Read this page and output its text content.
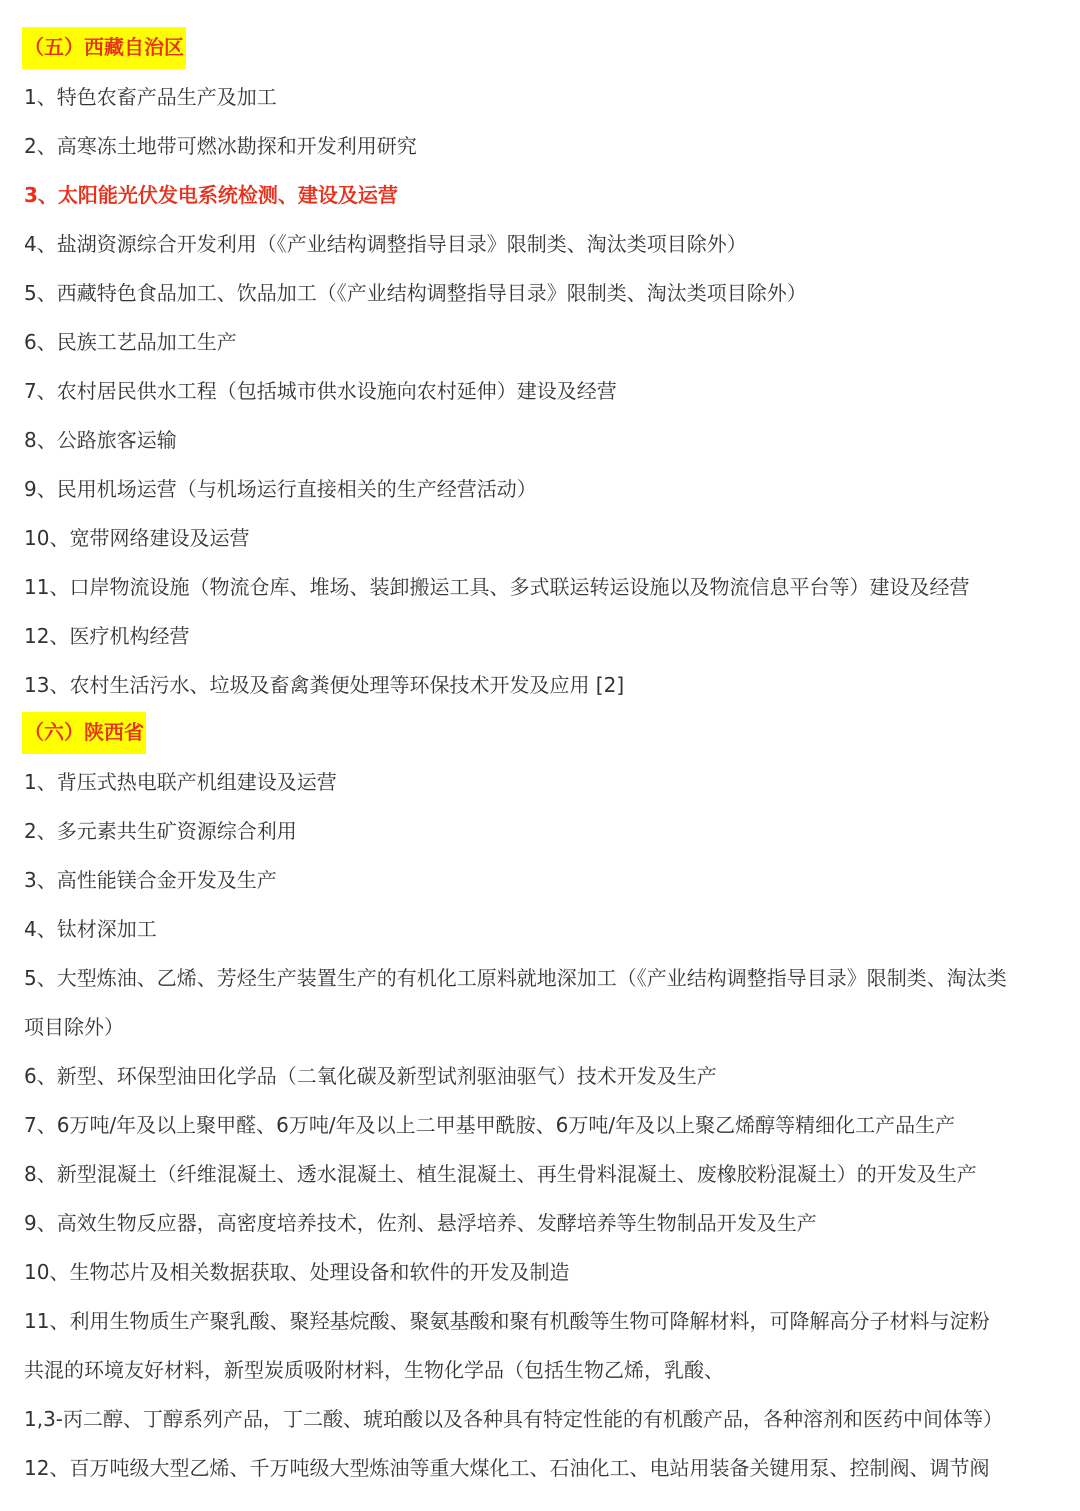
（五）西藏自治区
1、特色农畜产品生产及加工
2、高寒冻土地带可燃冰勘探和开发利用研究
3、太阳能光伏发电系统检测、建设及运营
4、盐湖资源综合开发利用（《产业结构调整指导目录》限制类、淘汰类项目除外）
5、西藏特色食品加工、饮品加工（《产业结构调整指导目录》限制类、淘汰类项目除外）
6、民族工艺品加工生产
7、农村居民供水工程（包括城市供水设施向农村延伸）建设及经营
8、公路旅客运输
9、民用机场运营（与机场运行直接相关的生产经营活动）
10、宽带网络建设及运营
11、口岸物流设施（物流仓库、堆场、装卸搬运工具、多式联运转运设施以及物流信息平台等）建设及经营
12、医疗机构经营
13、农村生活污水、垃圾及畜禽粪便处理等环保技术开发及应用 [2]
（六）陕西省
1、背压式热电联产机组建设及运营
2、多元素共生矿资源综合利用
3、高性能镁合金开发及生产
4、钛材深加工
5、大型炼油、乙烯、芳烃生产装置生产的有机化工原料就地深加工（《产业结构调整指导目录》限制类、淘汰类
项目除外）
6、新型、环保型油田化学品（二氧化碳及新型试剂驱油驱气）技术开发及生产
7、6万吨/年及以上聚甲醛、6万吨/年及以上二甲基甲酰胺、6万吨/年及以上聚乙烯醇等精细化工产品生产
8、新型混凝土（纤维混凝土、透水混凝土、植生混凝土、再生骨料混凝土、废橡胶粉混凝土）的开发及生产
9、高效生物反应器，高密度培养技术，佐剂、悬浮培养、发酵培养等生物制品开发及生产
10、生物芯片及相关数据获取、处理设备和软件的开发及制造
11、利用生物质生产聚乳酸、聚羟基烷酸、聚氨基酸和聚有机酸等生物可降解材料，可降解高分子材料与淀粉
共混的环境友好材料，新型炭质吸附材料，生物化学品（包括生物乙烯，乳酸、
1,3-丙二醇、丁醇系列产品，丁二酸、琥珀酸以及各种具有特定性能的有机酸产品，各种溶剂和医药中间体等）
12、百万吨级大型乙烯、千万吨级大型炼油等重大煤化工、石油化工、电站用装备关键用泵、控制阀、调节阀
